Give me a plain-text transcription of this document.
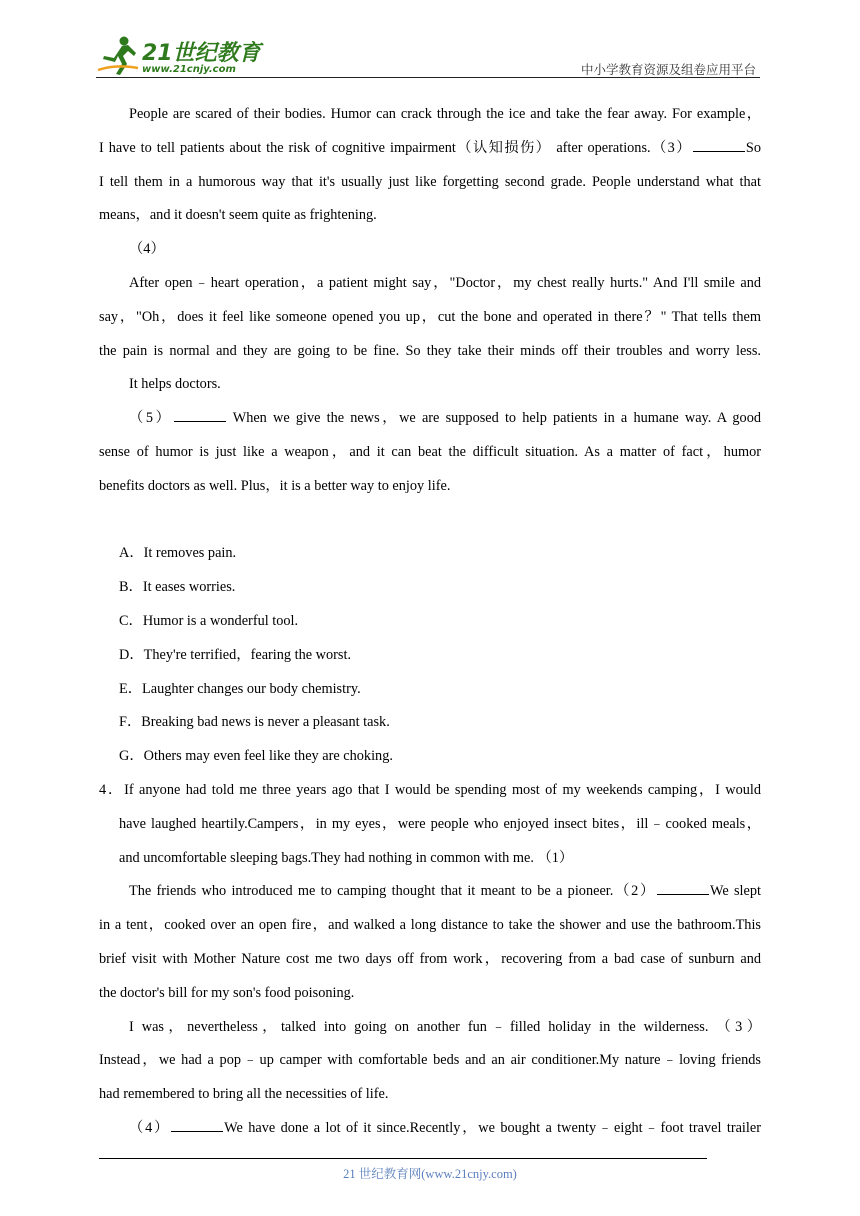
21世纪教育
www.21cnjy.com	中小学教育资源及组卷应用平台
People are scared of their bodies. Humor can crack through the ice and take the fear away. For example，
I have to tell patients about the risk of cognitive impairment（认知损伤） after operations.（3）	So
I tell them in a humorous way that it's usually just like forgetting second grade. People understand what that
means，and it doesn't seem quite as frightening.
（4）
After open﹣heart operation，a patient might say，"Doctor，my chest really hurts." And I'll smile and
say，"Oh，does it feel like someone opened you up，cut the bone and operated in there？" That tells them
the pain is normal and they are going to be fine. So they take their minds off their troubles and worry less.
It helps doctors.
（5）	When we give the news，we are supposed to help patients in a humane way. A good
sense of humor is just like a weapon，and it can beat the difficult situation. As a matter of fact，humor
benefits doctors as well. Plus，it is a better way to enjoy life.
A．It removes pain.
B．It eases worries.
C．Humor is a wonderful tool.
D．They're terrified，fearing the worst.
E．Laughter changes our body chemistry.
F．Breaking bad news is never a pleasant task.
G．Others may even feel like they are choking.
4．If anyone had told me three years ago that I would be spending most of my weekends camping，I would
have laughed heartily.Campers，in my eyes，were people who enjoyed insect bites，ill﹣cooked meals，
and uncomfortable sleeping bags.They had nothing in common with me. （1）
The friends who introduced me to camping thought that it meant to be a pioneer.（2）	We slept
in a tent，cooked over an open fire，and walked a long distance to take the shower and use the bathroom.This
brief visit with Mother Nature cost me two days off from work，recovering from a bad case of sunburn and
the doctor's bill for my son's food poisoning.
I was，nevertheless，talked into going on another fun﹣filled holiday in the wilderness. （3）
Instead，we had a pop﹣up camper with comfortable beds and an air conditioner.My nature﹣loving friends
had remembered to bring all the necessities of life.
（4）	We have done a lot of it since.Recently，we bought a twenty﹣eight﹣foot travel trailer
21 世纪教育网(www.21cnjy.com)
